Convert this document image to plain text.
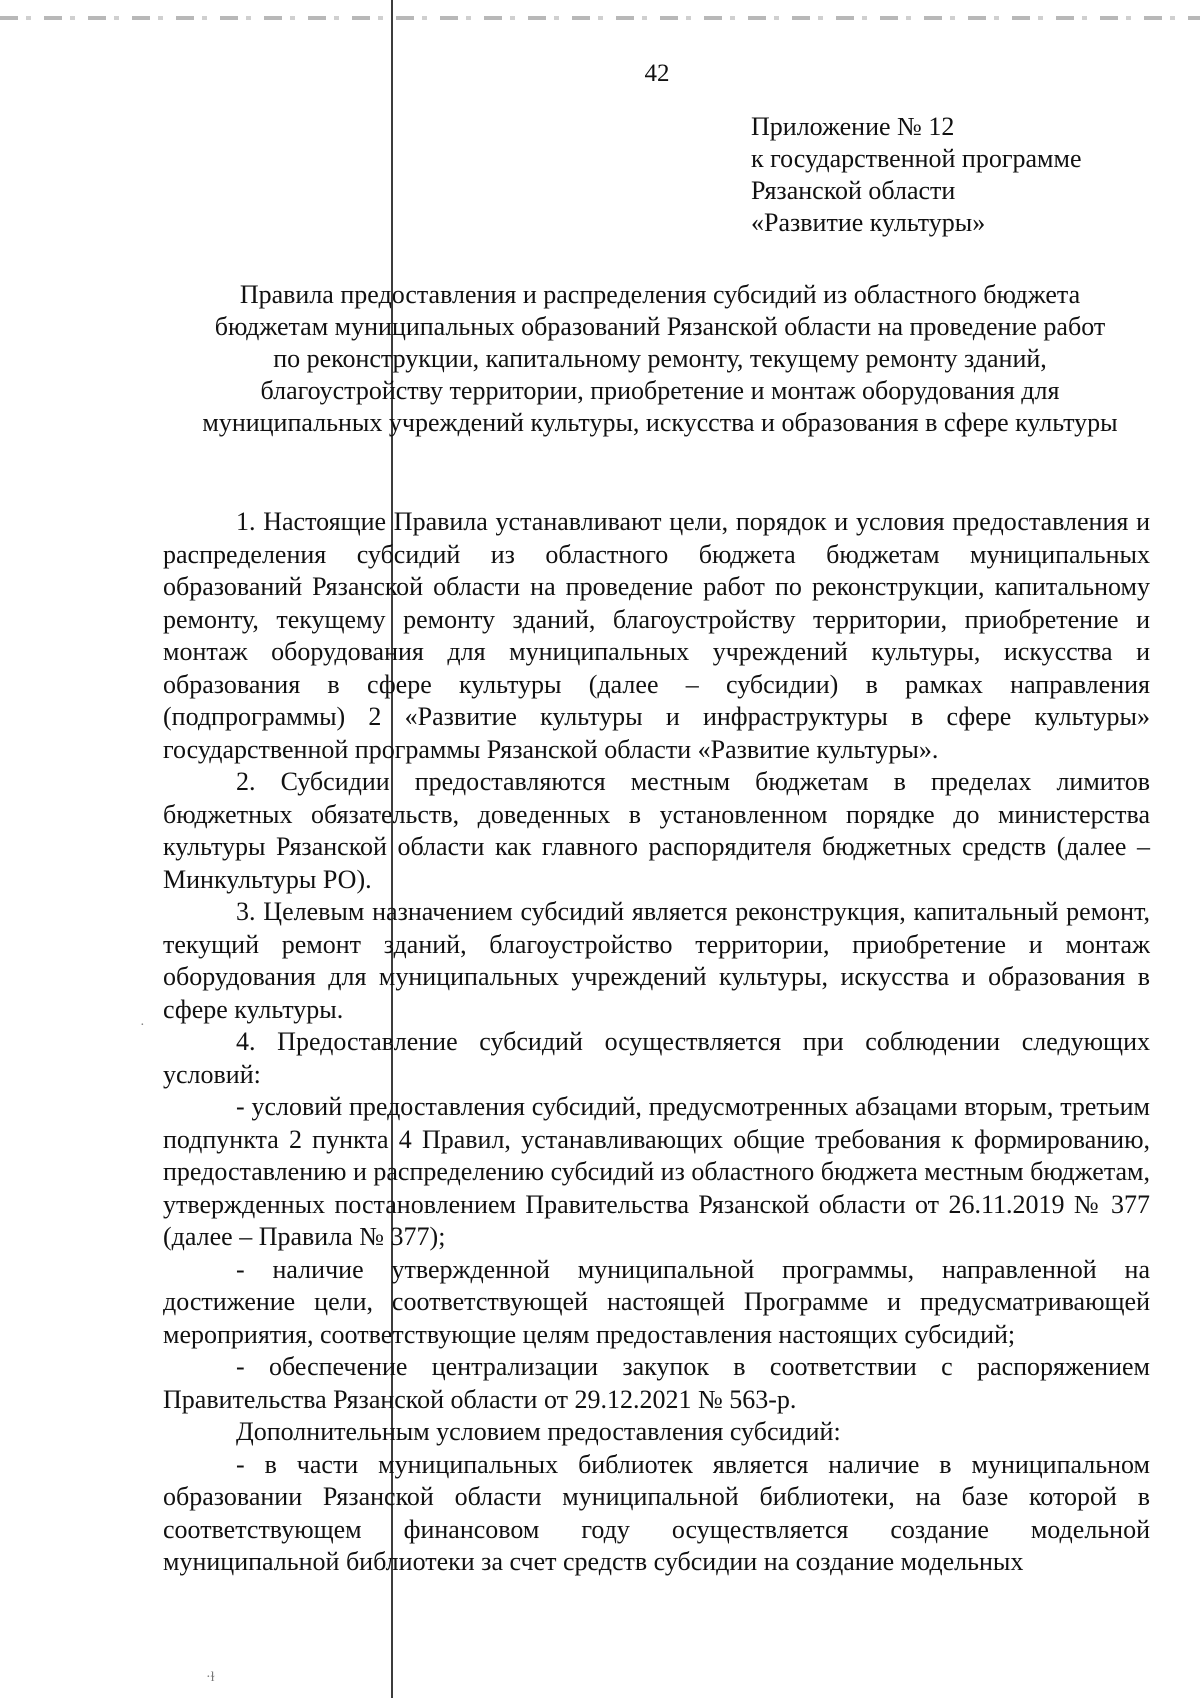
·
·ɫ
42
Приложение № 12
к государственной программе
Рязанской области
«Развитие культуры»
Правила предоставления и распределения субсидий из областного бюджета бюджетам муниципальных образований Рязанской области на проведение работ по реконструкции, капитальному ремонту, текущему ремонту зданий, благоустройству территории, приобретение и монтаж оборудования для муниципальных учреждений культуры, искусства и образования в сфере культуры

1. Настоящие Правила устанавливают цели, порядок и условия предоставления и распределения субсидий из областного бюджета бюджетам муниципальных образований Рязанской области на проведение работ по реконструкции, капитальному ремонту, текущему ремонту зданий, благоустройству территории, приобретение и монтаж оборудования для муниципальных учреждений культуры, искусства и образования в сфере культуры (далее – субсидии) в рамках направления (подпрограммы) 2 «Развитие культуры и инфраструктуры в сфере культуры» государственной программы Рязанской области «Развитие культуры».

2. Субсидии предоставляются местным бюджетам в пределах лимитов бюджетных обязательств, доведенных в установленном порядке до министерства культуры Рязанской области как главного распорядителя бюджетных средств (далее – Минкультуры РО).

3. Целевым назначением субсидий является реконструкция, капитальный ремонт, текущий ремонт зданий, благоустройство территории, приобретение и монтаж оборудования для муниципальных учреждений культуры, искусства и образования в сфере культуры.

4. Предоставление субсидий осуществляется при соблюдении следующих условий:

- условий предоставления субсидий, предусмотренных абзацами вторым, третьим подпункта 2 пункта 4 Правил, устанавливающих общие требования к формированию, предоставлению и распределению субсидий из областного бюджета местным бюджетам, утвержденных постановлением Правительства Рязанской области от 26.11.2019 № 377 (далее – Правила № 377);

- наличие утвержденной муниципальной программы, направленной на достижение цели, соответствующей настоящей Программе и предусматривающей мероприятия, соответствующие целям предоставления настоящих субсидий;

- обеспечение централизации закупок в соответствии с распоряжением Правительства Рязанской области от 29.12.2021 № 563-р.

Дополнительным условием предоставления субсидий:

- в части муниципальных библиотек является наличие в муниципальном образовании Рязанской области муниципальной библиотеки, на базе которой в соответствующем финансовом году осуществляется создание модельной муниципальной библиотеки за счет средств субсидии на создание модельных
